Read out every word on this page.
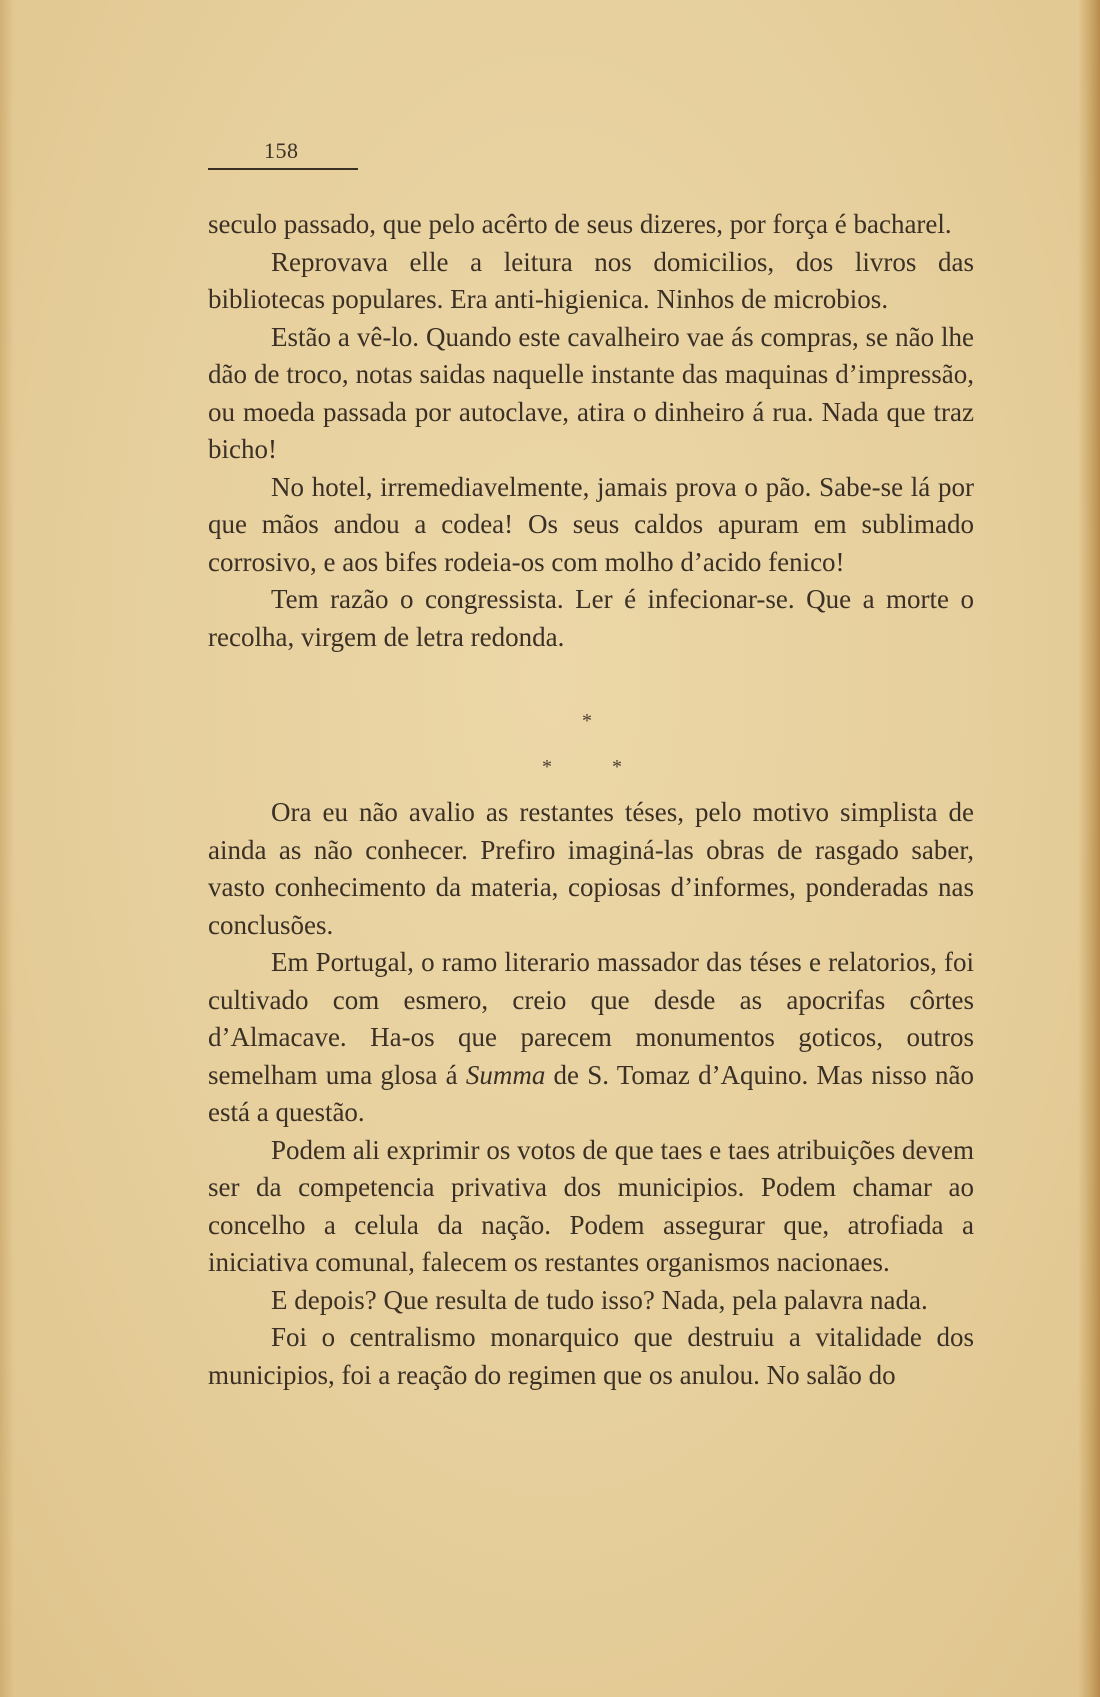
158

seculo passado, que pelo acêrto de seus dizeres, por força é bacharel.

Reprovava elle a leitura nos domicilios, dos livros das bibliotecas populares. Era anti-higienica. Ninhos de microbios.

Estão a vê-lo. Quando este cavalheiro vae ás compras, se não lhe dão de troco, notas saidas naquelle instante das maquinas d’impressão, ou moeda passada por autoclave, atira o dinheiro á rua. Nada que traz bicho!

No hotel, irremediavelmente, jamais prova o pão. Sabe-se lá por que mãos andou a codea! Os seus caldos apuram em sublimado corrosivo, e aos bifes rodeia-os com molho d’acido fenico!

Tem razão o congressista. Ler é infecionar-se. Que a morte o recolha, virgem de letra redonda.

*
*	*

Ora eu não avalio as restantes téses, pelo motivo simplista de ainda as não conhecer. Prefiro imaginá-las obras de rasgado saber, vasto conhecimento da materia, copiosas d’informes, ponderadas nas conclusões.

Em Portugal, o ramo literario massador das téses e relatorios, foi cultivado com esmero, creio que desde as apocrifas côrtes d’Almacave. Ha-os que parecem monumentos goticos, outros semelham uma glosa á Summa de S. Tomaz d’Aquino. Mas nisso não está a questão.

Podem ali exprimir os votos de que taes e taes atribuições devem ser da competencia privativa dos municipios. Podem chamar ao concelho a celula da nação. Podem assegurar que, atrofiada a iniciativa comunal, falecem os restantes organismos nacionaes.

E depois? Que resulta de tudo isso? Nada, pela palavra nada.

Foi o centralismo monarquico que destruiu a vitalidade dos municipios, foi a reação do regimen que os anulou. No salão do
